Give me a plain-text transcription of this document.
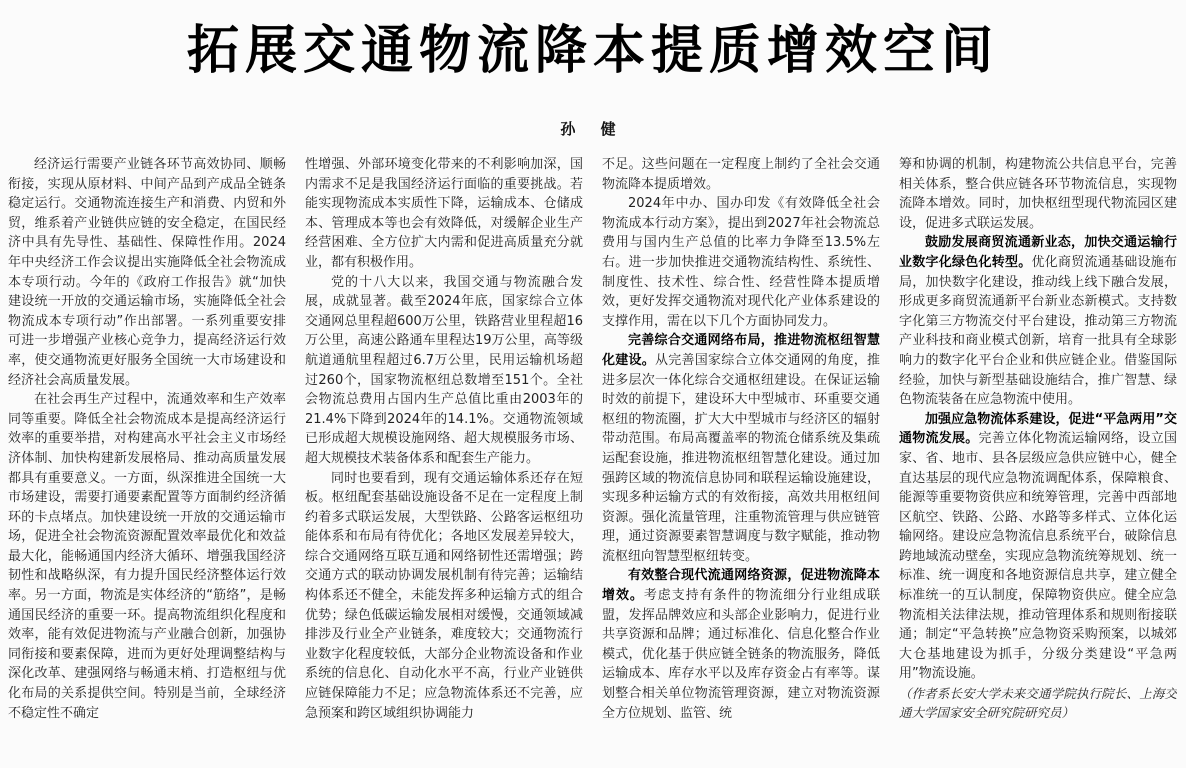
拓展交通物流降本提质增效空间
孙 健

经济运行需要产业链各环节高效协同、顺畅衔接，实现从原材料、中间产品到产成品全链条稳定运行。交通物流连接生产和消费、内贸和外贸，维系着产业链供应链的安全稳定，在国民经济中具有先导性、基础性、保障性作用。2024年中央经济工作会议提出实施降低全社会物流成本专项行动。今年的《政府工作报告》就“加快建设统一开放的交通运输市场，实施降低全社会物流成本专项行动”作出部署。一系列重要安排可进一步增强产业核心竞争力，提高经济运行效率，使交通物流更好服务全国统一大市场建设和经济社会高质量发展。

在社会再生产过程中，流通效率和生产效率同等重要。降低全社会物流成本是提高经济运行效率的重要举措，对构建高水平社会主义市场经济体制、加快构建新发展格局、推动高质量发展都具有重要意义。一方面，纵深推进全国统一大市场建设，需要打通要素配置等方面制约经济循环的卡点堵点。加快建设统一开放的交通运输市场，促进全社会物流资源配置效率最优化和效益最大化，能畅通国内经济大循环、增强我国经济韧性和战略纵深，有力提升国民经济整体运行效率。另一方面，物流是实体经济的“筋络”，是畅通国民经济的重要一环。提高物流组织化程度和效率，能有效促进物流与产业融合创新，加强协同衔接和要素保障，进而为更好处理调整结构与深化改革、建强网络与畅通末梢、打造枢纽与优化布局的关系提供空间。特别是当前，全球经济不稳定性不确定

性增强、外部环境变化带来的不利影响加深，国内需求不足是我国经济运行面临的重要挑战。若能实现物流成本实质性下降，运输成本、仓储成本、管理成本等也会有效降低，对缓解企业生产经营困难、全方位扩大内需和促进高质量充分就业，都有积极作用。

党的十八大以来，我国交通与物流融合发展，成就显著。截至2024年底，国家综合立体交通网总里程超600万公里，铁路营业里程超16万公里，高速公路通车里程达19万公里，高等级航道通航里程超过6.7万公里，民用运输机场超过260个，国家物流枢纽总数增至151个。全社会物流总费用占国内生产总值比重由2003年的21.4%下降到2024年的14.1%。交通物流领域已形成超大规模设施网络、超大规模服务市场、超大规模技术装备体系和配套生产能力。

同时也要看到，现有交通运输体系还存在短板。枢纽配套基础设施设备不足在一定程度上制约着多式联运发展，大型铁路、公路客运枢纽功能体系和布局有待优化；各地区发展差异较大，综合交通网络互联互通和网络韧性还需增强；跨交通方式的联动协调发展机制有待完善；运输结构体系还不健全，未能发挥多种运输方式的组合优势；绿色低碳运输发展相对缓慢，交通领域减排涉及行业全产业链条，难度较大；交通物流行业数字化程度较低，大部分企业物流设备和作业系统的信息化、自动化水平不高，行业产业链供应链保障能力不足；应急物流体系还不完善，应急预案和跨区域组织协调能力

不足。这些问题在一定程度上制约了全社会交通物流降本提质增效。

2024年中办、国办印发《有效降低全社会物流成本行动方案》，提出到2027年社会物流总费用与国内生产总值的比率力争降至13.5%左右。进一步加快推进交通物流结构性、系统性、制度性、技术性、综合性、经营性降本提质增效，更好发挥交通物流对现代化产业体系建设的支撑作用，需在以下几个方面协同发力。

完善综合交通网络布局，推进物流枢纽智慧化建设。从完善国家综合立体交通网的角度，推进多层次一体化综合交通枢纽建设。在保证运输时效的前提下，建设环大中型城市、环重要交通枢纽的物流圈，扩大大中型城市与经济区的辐射带动范围。布局高覆盖率的物流仓储系统及集疏运配套设施，推进物流枢纽智慧化建设。通过加强跨区域的物流信息协同和联程运输设施建设，实现多种运输方式的有效衔接，高效共用枢纽间资源。强化流量管理，注重物流管理与供应链管理，通过资源要素智慧调度与数字赋能，推动物流枢纽向智慧型枢纽转变。

有效整合现代流通网络资源，促进物流降本增效。考虑支持有条件的物流细分行业组成联盟，发挥品牌效应和头部企业影响力，促进行业共享资源和品牌；通过标准化、信息化整合作业模式，优化基于供应链全链条的物流服务，降低运输成本、库存水平以及库存资金占有率等。谋划整合相关单位物流管理资源，建立对物流资源全方位规划、监管、统

筹和协调的机制，构建物流公共信息平台，完善相关体系，整合供应链各环节物流信息，实现物流降本增效。同时，加快枢纽型现代物流园区建设，促进多式联运发展。

鼓励发展商贸流通新业态，加快交通运输行业数字化绿色化转型。优化商贸流通基础设施布局，加快数字化建设，推动线上线下融合发展，形成更多商贸流通新平台新业态新模式。支持数字化第三方物流交付平台建设，推动第三方物流产业科技和商业模式创新，培育一批具有全球影响力的数字化平台企业和供应链企业。借鉴国际经验，加快与新型基础设施结合，推广智慧、绿色物流装备在应急物流中使用。

加强应急物流体系建设，促进“平急两用”交通物流发展。完善立体化物流运输网络，设立国家、省、地市、县各层级应急供应链中心，健全直达基层的现代应急物流调配体系，保障粮食、能源等重要物资供应和统筹管理，完善中西部地区航空、铁路、公路、水路等多样式、立体化运输网络。建设应急物流信息系统平台，破除信息跨地域流动壁垒，实现应急物流统筹规划、统一标准、统一调度和各地资源信息共享，建立健全标准统一的互认制度，保障物资供应。健全应急物流相关法律法规，推动管理体系和规则衔接联通；制定“平急转换”应急物资采购预案，以城郊大仓基地建设为抓手，分级分类建设“平急两用”物流设施。

（作者系长安大学未来交通学院执行院长、上海交通大学国家安全研究院研究员）
